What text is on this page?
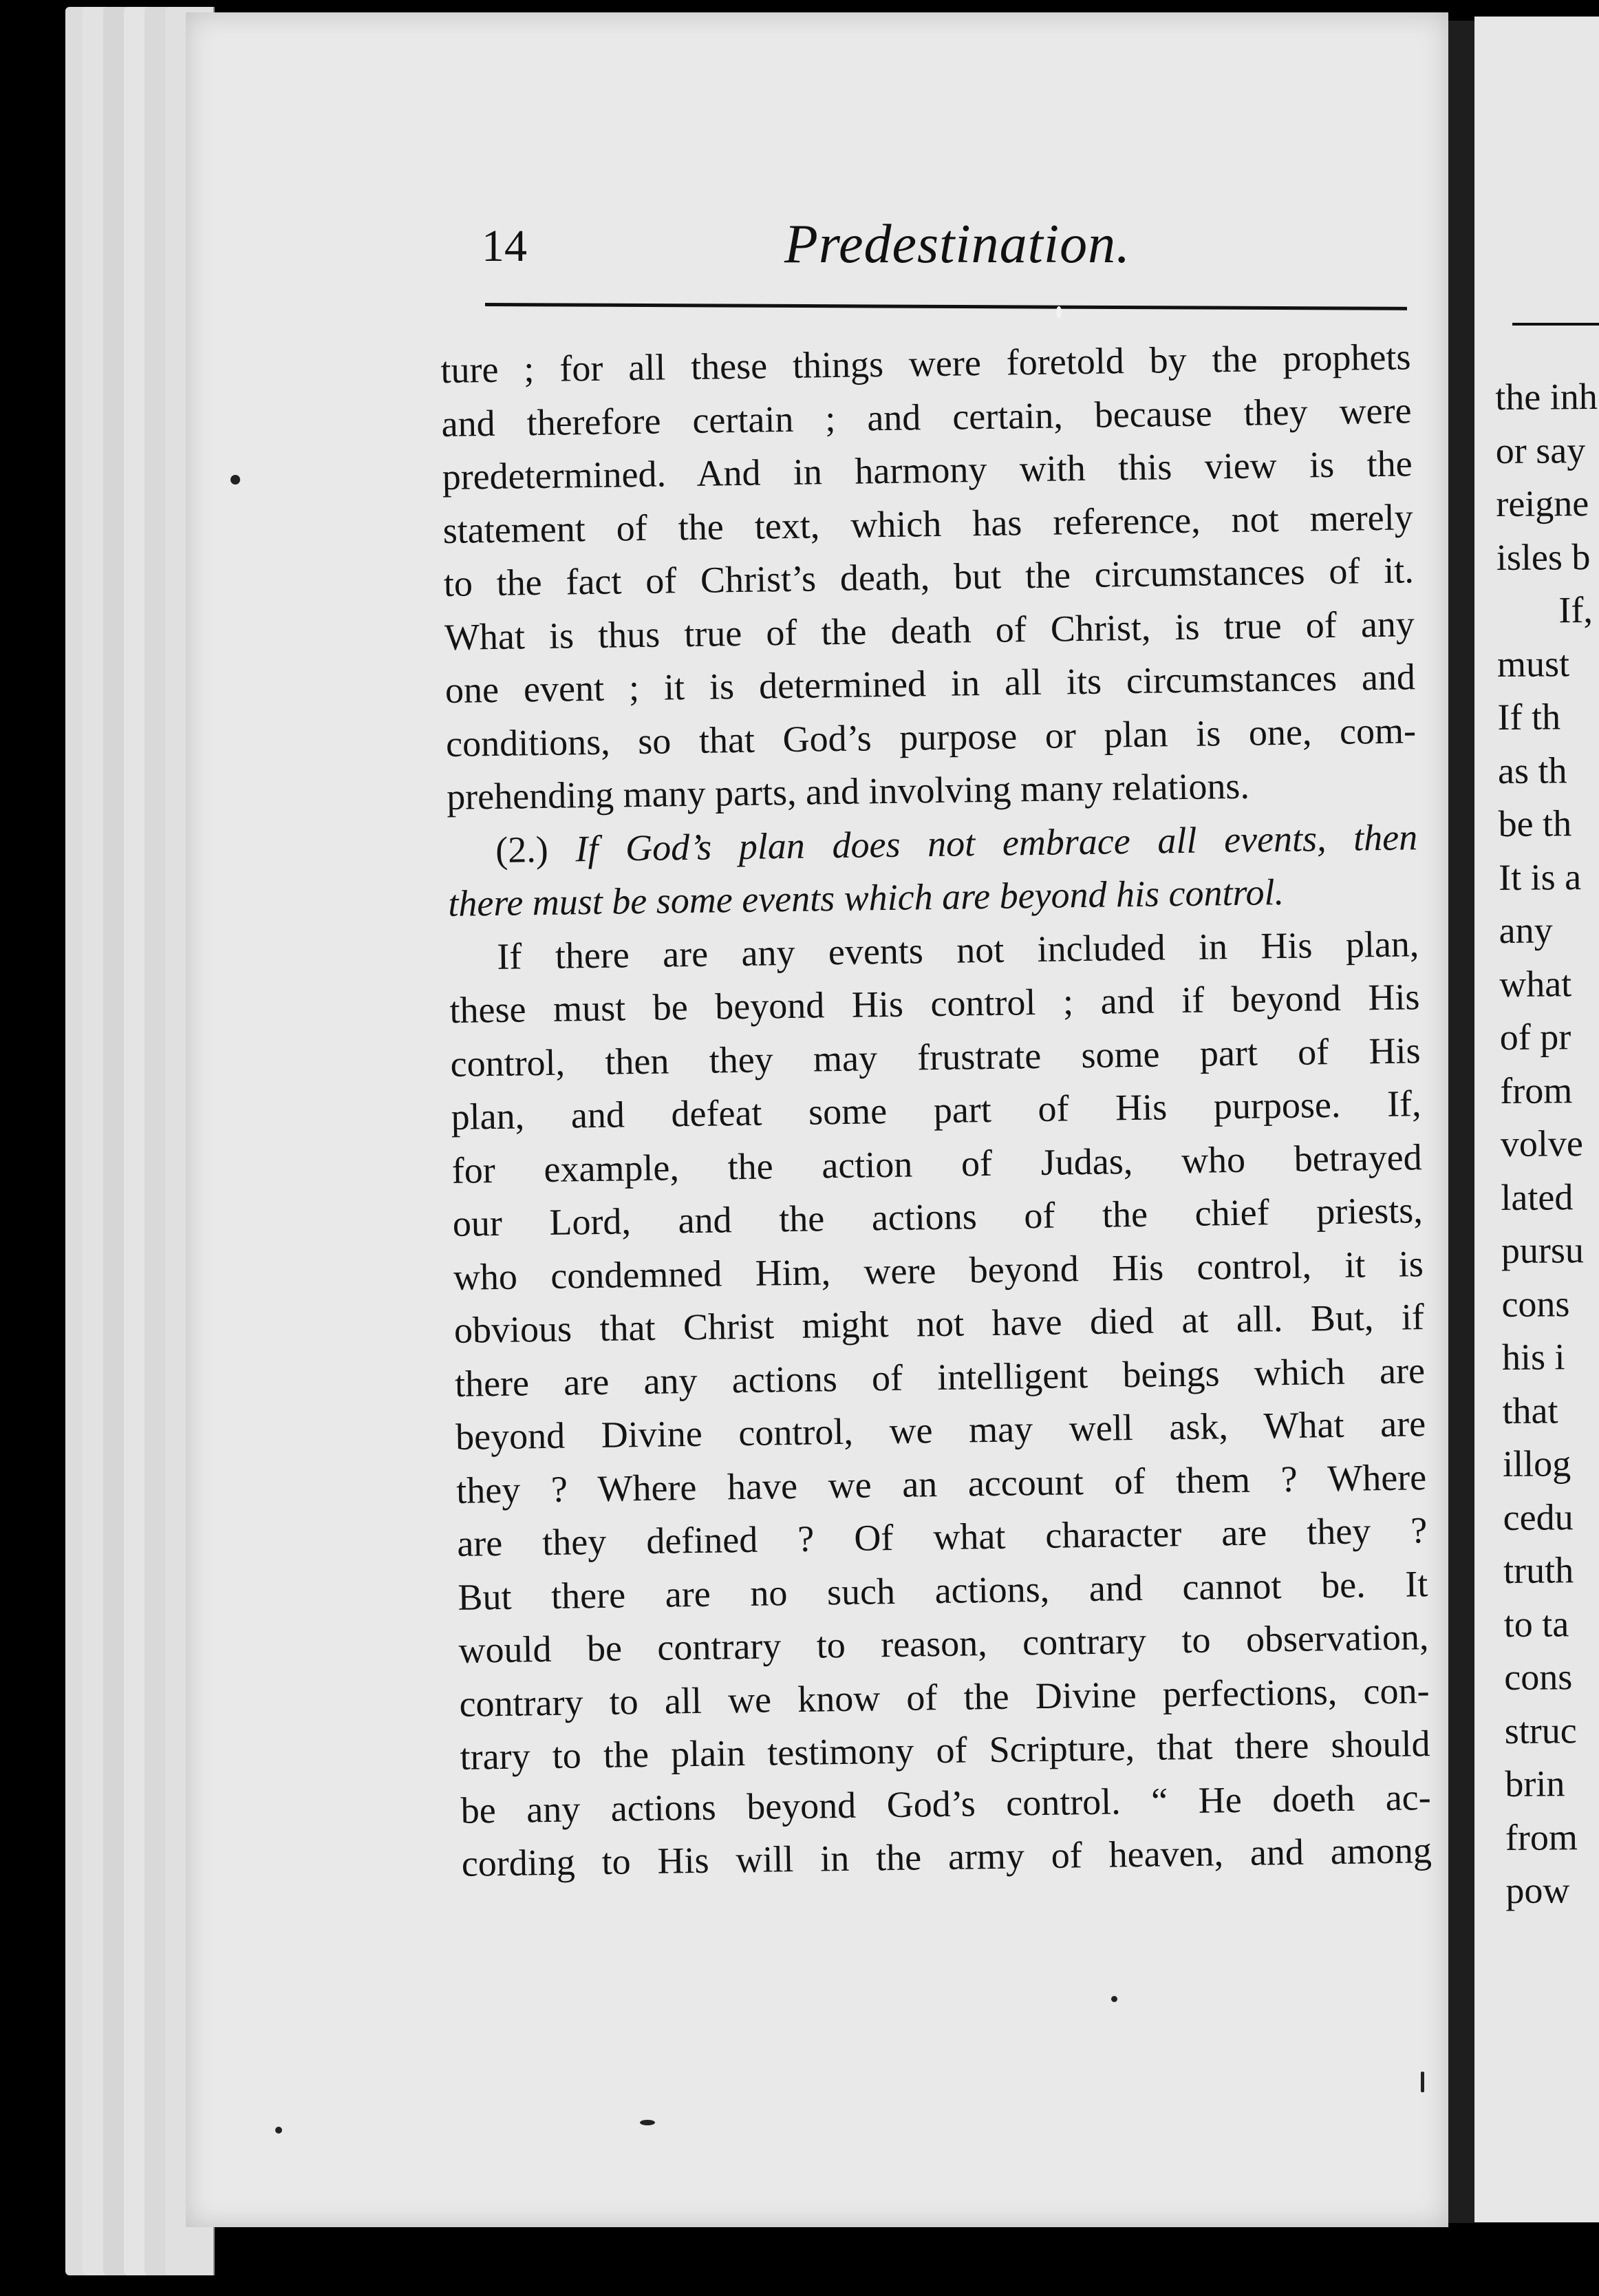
the inh
or say
reigne
isles b
If,
must
If th
as th
be th
It is a
any
what
of pr
from
volve
lated
pursu
cons
his i
that
illog
cedu
truth
to ta
cons
struc
brin
from
pow
14	Predestination.
ture ; for all these things were foretold by the prophets
and therefore certain ; and certain, because they were
predetermined. And in harmony with this view is the
statement of the text, which has reference, not merely
to the fact of Christ’s death, but the circumstances of it.
What is thus true of the death of Christ, is true of any
one event ; it is determined in all its circumstances and
conditions, so that God’s purpose or plan is one, com-
prehending many parts, and involving many relations.
(2.) If God’s plan does not embrace all events, then
there must be some events which are beyond his control.
If there are any events not included in His plan,
these must be beyond His control ; and if beyond His
control, then they may frustrate some part of His
plan, and defeat some part of His purpose. If,
for example, the action of Judas, who betrayed
our Lord, and the actions of the chief priests,
who condemned Him, were beyond His control, it is
obvious that Christ might not have died at all. But, if
there are any actions of intelligent beings which are
beyond Divine control, we may well ask, What are
they ? Where have we an account of them ? Where
are they defined ? Of what character are they ?
But there are no such actions, and cannot be. It
would be contrary to reason, contrary to observation,
contrary to all we know of the Divine perfections, con-
trary to the plain testimony of Scripture, that there should
be any actions beyond God’s control. “ He doeth ac-
cording to His will in the army of heaven, and among
